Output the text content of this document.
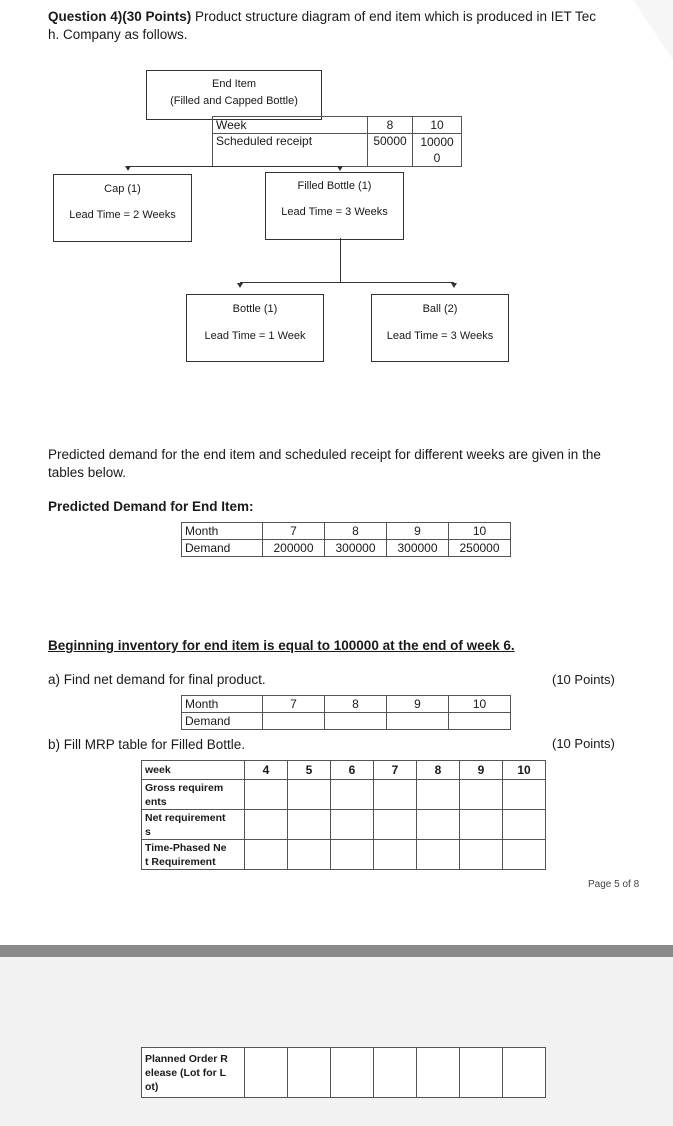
Question 4)(30 Points) Product structure diagram of end item which is produced in IET Tec
h. Company as follows.
End Item
(Filled and Capped Bottle)
Week	8	10
Scheduled receipt	50000	10000
0
Cap (1)
Lead Time = 2 Weeks
Filled Bottle (1)
Lead Time = 3 Weeks
Bottle (1)
Lead Time = 1 Week
Ball (2)
Lead Time = 3 Weeks
Predicted demand for the end item and scheduled receipt for different weeks are given in the
tables below.
Predicted Demand for End Item:
Month	7	8	9	10
Demand	200000	300000	300000	250000
Beginning inventory for end item is equal to 100000 at the end of week 6.
a) Find net demand for final product.	(10 Points)
Month	7	8	9	10
Demand				
b) Fill MRP table for Filled Bottle.	(10 Points)
week	4	5	6	7	8	9	10
Gross requirem
ents							
Net requirement
s							
Time-Phased Ne
t Requirement							
Page 5 of 8
Planned Order R
elease (Lot for L
ot)							
